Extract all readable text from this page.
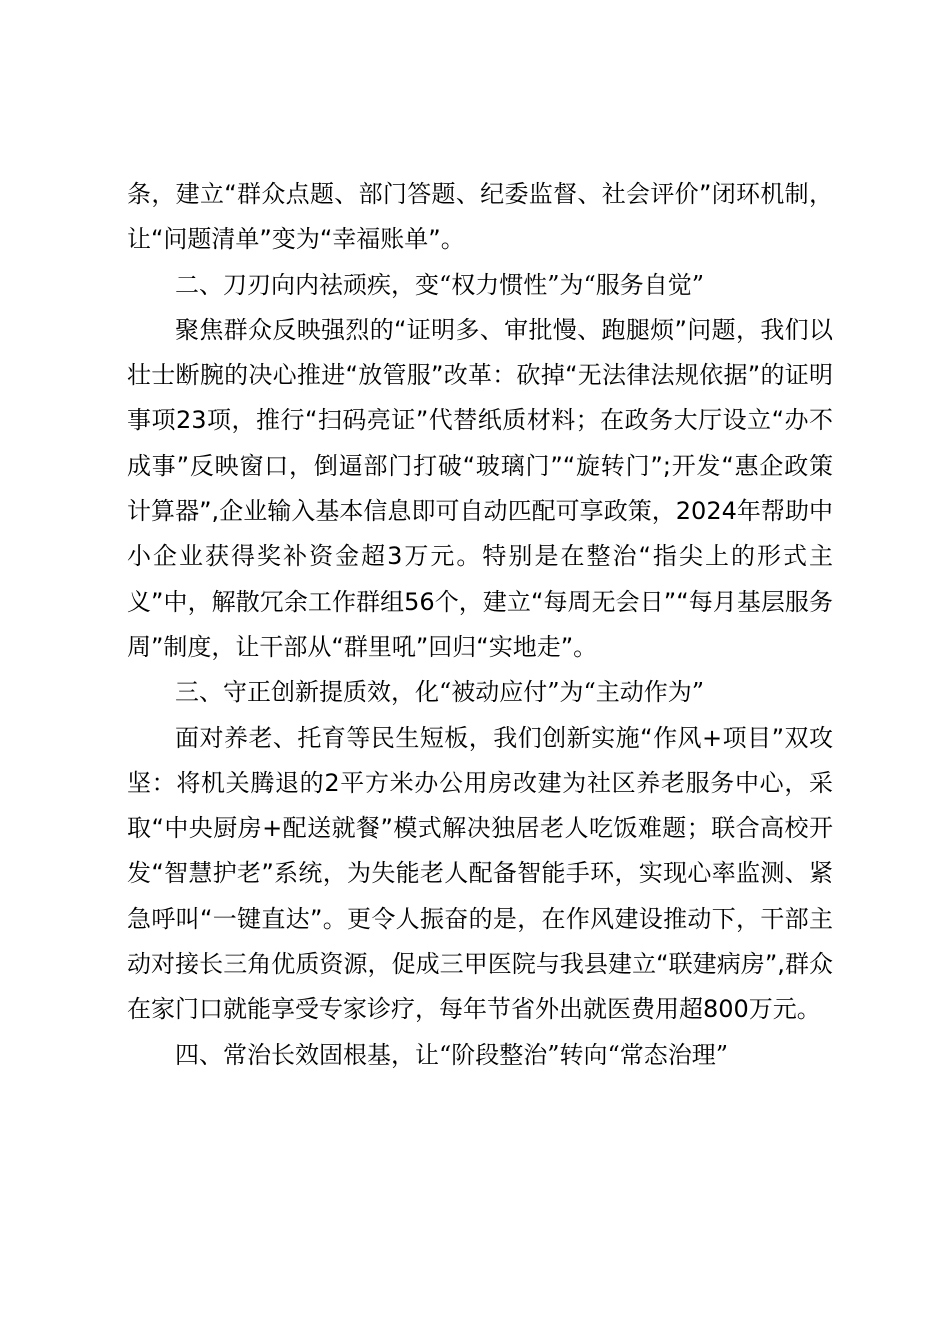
条，建立“群众点题、部门答题、纪委监督、社会评价”闭环机制，让“问题清单”变为“幸福账单”。

二、刀刃向内祛顽疾，变“权力惯性”为“服务自觉”

聚焦群众反映强烈的“证明多、审批慢、跑腿烦”问题，我们以壮士断腕的决心推进“放管服”改革：砍掉“无法律法规依据”的证明事项23项，推行“扫码亮证”代替纸质材料；在政务大厅设立“办不成事”反映窗口，倒逼部门打破“玻璃门”“旋转门”;开发“惠企政策计算器”,企业输入基本信息即可自动匹配可享政策，2024年帮助中小企业获得奖补资金超3万元。特别是在整治“指尖上的形式主义”中，解散冗余工作群组56个，建立“每周无会日”“每月基层服务周”制度，让干部从“群里吼”回归“实地走”。

三、守正创新提质效，化“被动应付”为“主动作为”

面对养老、托育等民生短板，我们创新实施“作风+项目”双攻坚：将机关腾退的2平方米办公用房改建为社区养老服务中心，采取“中央厨房+配送就餐”模式解决独居老人吃饭难题；联合高校开发“智慧护老”系统，为失能老人配备智能手环，实现心率监测、紧急呼叫“一键直达”。更令人振奋的是，在作风建设推动下，干部主动对接长三角优质资源，促成三甲医院与我县建立“联建病房”,群众在家门口就能享受专家诊疗，每年节省外出就医费用超800万元。

四、常治长效固根基，让“阶段整治”转向“常态治理”
